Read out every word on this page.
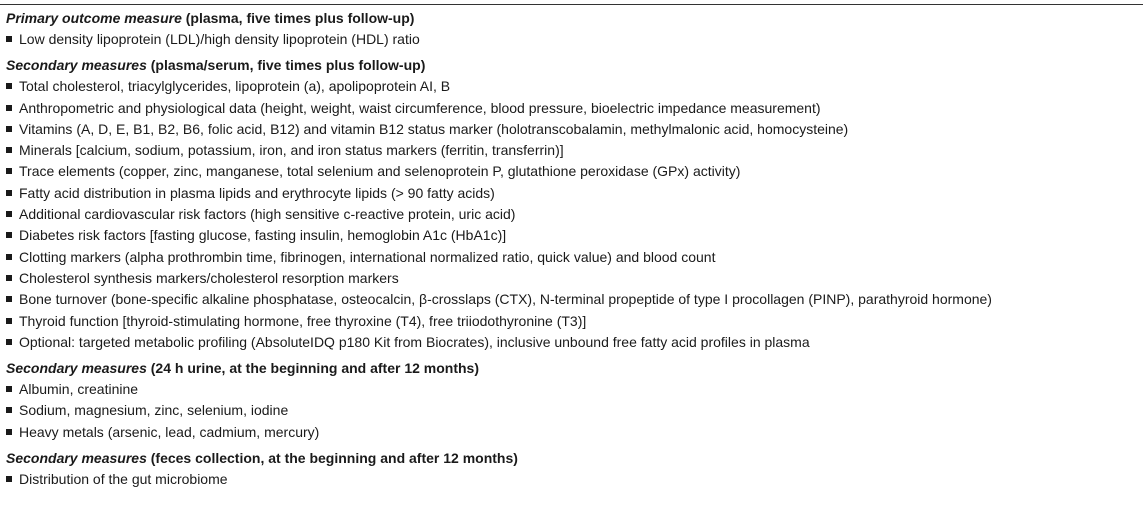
Primary outcome measure (plasma, five times plus follow-up)
Low density lipoprotein (LDL)/high density lipoprotein (HDL) ratio
Secondary measures (plasma/serum, five times plus follow-up)
Total cholesterol, triacylglycerides, lipoprotein (a), apolipoprotein AI, B
Anthropometric and physiological data (height, weight, waist circumference, blood pressure, bioelectric impedance measurement)
Vitamins (A, D, E, B1, B2, B6, folic acid, B12) and vitamin B12 status marker (holotranscobalamin, methylmalonic acid, homocysteine)
Minerals [calcium, sodium, potassium, iron, and iron status markers (ferritin, transferrin)]
Trace elements (copper, zinc, manganese, total selenium and selenoprotein P, glutathione peroxidase (GPx) activity)
Fatty acid distribution in plasma lipids and erythrocyte lipids (> 90 fatty acids)
Additional cardiovascular risk factors (high sensitive c-reactive protein, uric acid)
Diabetes risk factors [fasting glucose, fasting insulin, hemoglobin A1c (HbA1c)]
Clotting markers (alpha prothrombin time, fibrinogen, international normalized ratio, quick value) and blood count
Cholesterol synthesis markers/cholesterol resorption markers
Bone turnover (bone-specific alkaline phosphatase, osteocalcin, β-crosslaps (CTX), N-terminal propeptide of type I procollagen (PINP), parathyroid hormone)
Thyroid function [thyroid-stimulating hormone, free thyroxine (T4), free triiodothyronine (T3)]
Optional: targeted metabolic profiling (AbsoluteIDQ p180 Kit from Biocrates), inclusive unbound free fatty acid profiles in plasma
Secondary measures (24 h urine, at the beginning and after 12 months)
Albumin, creatinine
Sodium, magnesium, zinc, selenium, iodine
Heavy metals (arsenic, lead, cadmium, mercury)
Secondary measures (feces collection, at the beginning and after 12 months)
Distribution of the gut microbiome
